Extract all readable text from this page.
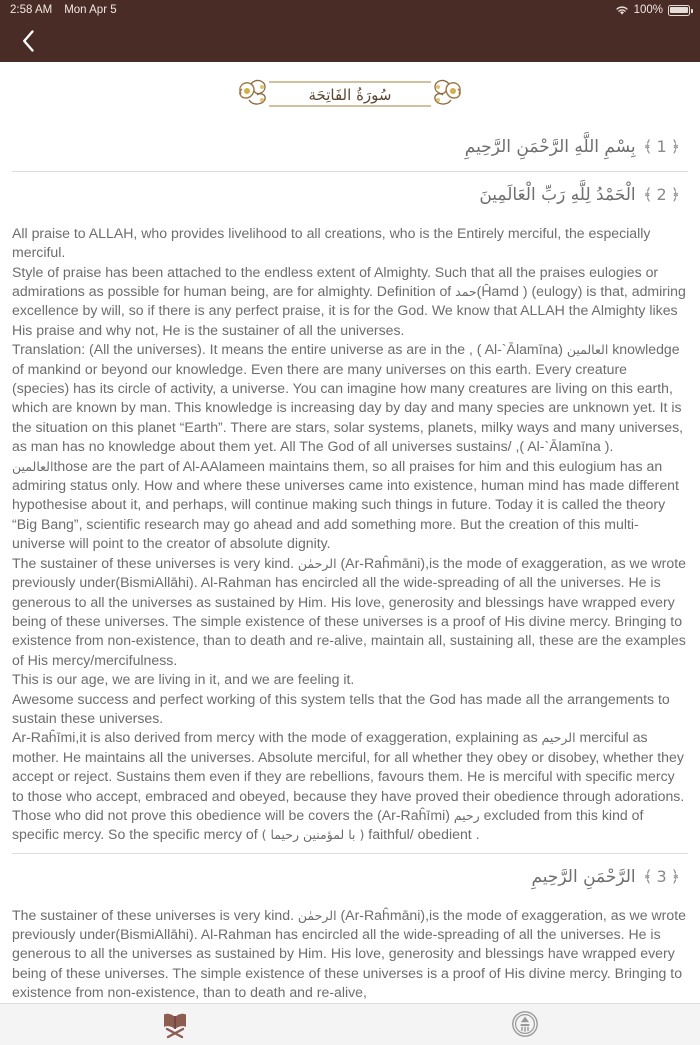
2:58 AM Mon Apr 5	100%
سُورَةُ الفَاتِحَة
﴿1﴾ بِسْمِ اللَّهِ الرَّحْمَنِ الرَّحِيمِ
﴿2﴾ الْحَمْدُ لِلَّهِ رَبِّ الْعَالَمِينَ

All praise to ALLAH, who provides livelihood to all creations, who is the Entirely merciful, the especially merciful.

Style of praise has been attached to the endless extent of Almighty. Such that all the praises eulogies or admirations as possible for human being, are for almighty. Definition of حمد(Ĥamd ) (eulogy) is that, admiring excellence by will, so if there is any perfect praise, it is for the God. We know that ALLAH the Almighty likes His praise and why not, He is the sustainer of all the universes.

Translation: (All the universes). It means the entire universe as are in the , ( Al-`Ālamīna) العالمين knowledge of mankind or beyond our knowledge. Even there are many universes on this earth. Every creature (species) has its circle of activity, a universe. You can imagine how many creatures are living on this earth, which are known by man. This knowledge is increasing day by day and many species are unknown yet. It is the situation on this planet “Earth”. There are stars, solar systems, planets, milky ways and many universes, as man has no knowledge about them yet. All The God of all universes sustains/ ,( Al-`Ālamīna ). العالمينthose are the part of Al-AAlameen maintains them, so all praises for him and this eulogium has an admiring status only. How and where these universes came into existence, human mind has made different hypothesise about it, and perhaps, will continue making such things in future. Today it is called the theory “Big Bang”, scientific research may go ahead and add something more. But the creation of this multi-universe will point to the creator of absolute dignity.

The sustainer of these universes is very kind. الرحمٰن (Ar-Raĥmāni),is the mode of exaggeration, as we wrote previously under(BismiAllāhi). Al-Rahman has encircled all the wide-spreading of all the universes. He is generous to all the universes as sustained by Him. His love, generosity and blessings have wrapped every being of these universes. The simple existence of these universes is a proof of His divine mercy. Bringing to existence from non-existence, than to death and re-alive, maintain all, sustaining all, these are the examples of His mercy/mercifulness.

This is our age, we are living in it, and we are feeling it.

Awesome success and perfect working of this system tells that the God has made all the arrangements to sustain these universes.

Ar-Raĥīmi,it is also derived from mercy with the mode of exaggeration, explaining as الرحيم merciful as mother. He maintains all the universes. Absolute merciful, for all whether they obey or disobey, whether they accept or reject. Sustains them even if they are rebellions, favours them. He is merciful with specific mercy to those who accept, embraced and obeyed, because they have proved their obedience through adorations. Those who did not prove this obedience will be covers the (Ar-Raĥīmi) رحيم excluded from this kind of specific mercy. So the specific mercy of ( با لمؤمنين رحيما ) faithful/ obedient .

﴿3﴾ الرَّحْمَنِ الرَّحِيمِ

The sustainer of these universes is very kind. الرحمٰن (Ar-Raĥmāni),is the mode of exaggeration, as we wrote previously under(BismiAllāhi). Al-Rahman has encircled all the wide-spreading of all the universes. He is generous to all the universes as sustained by Him. His love, generosity and blessings have wrapped every being of these universes. The simple existence of these universes is a proof of His divine mercy. Bringing to existence from non-existence, than to death and re-alive,
